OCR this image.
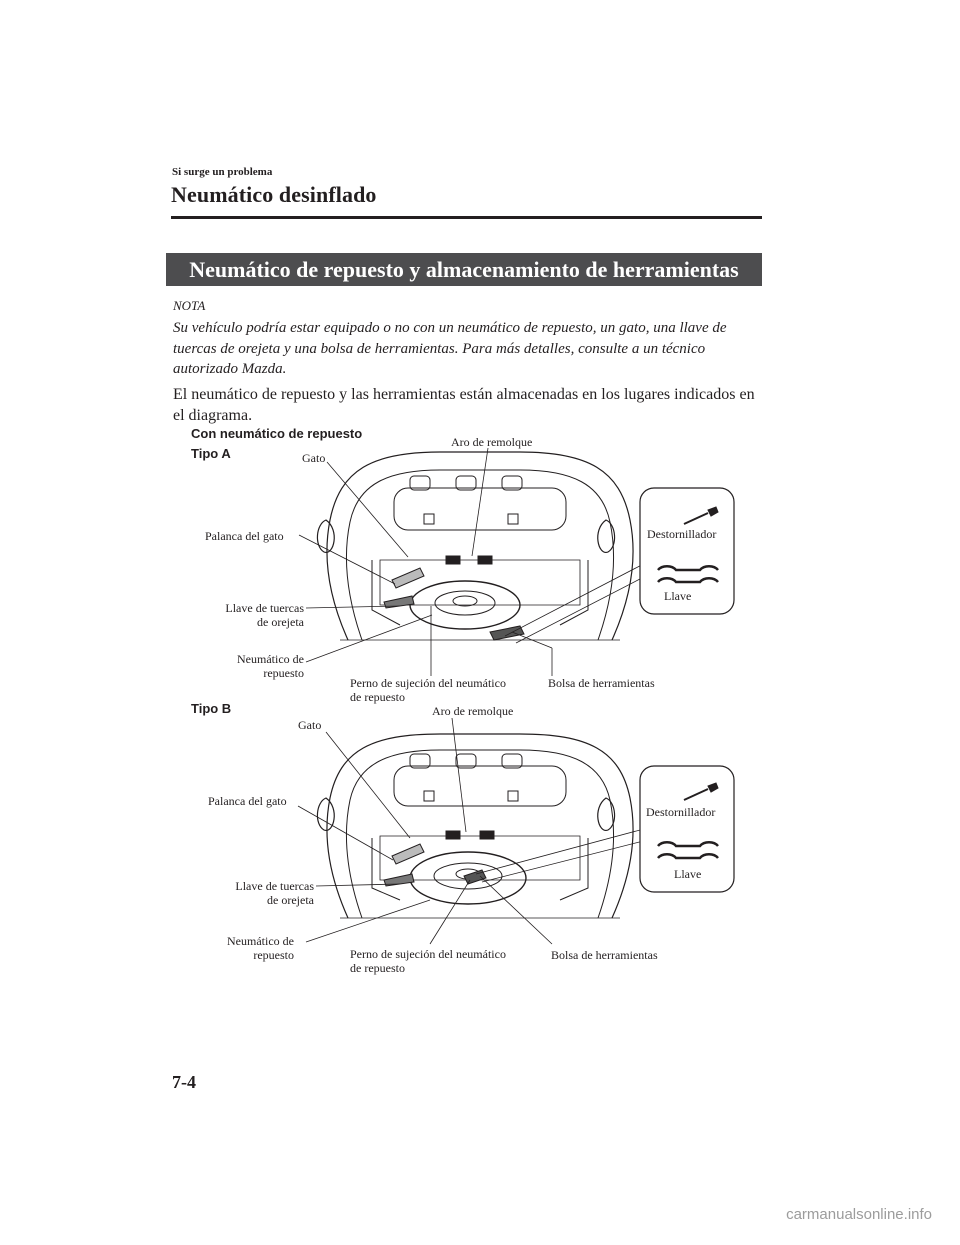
Si surge un problema
Neumático desinflado
Neumático de repuesto y almacenamiento de herramientas
NOTA
Su vehículo podría estar equipado o no con un neumático de repuesto, un gato, una llave de tuercas de orejeta y una bolsa de herramientas. Para más detalles, consulte a un técnico autorizado Mazda.
El neumático de repuesto y las herramientas están almacenadas en los lugares indicados en el diagrama.
Con neumático de repuesto
Tipo A
Tipo B
Gato
Aro de remolque
Palanca del gato
Llave de tuercas
de orejeta
Neumático de
repuesto
Perno de sujeción del neumático
de repuesto
Bolsa de herramientas
Destornillador
Llave
Gato
Aro de remolque
Palanca del gato
Llave de tuercas
de orejeta
Neumático de
repuesto	Perno de sujeción del neumático
de repuesto
Bolsa de herramientas
Destornillador
Llave
7-4
carmanualsonline.info
